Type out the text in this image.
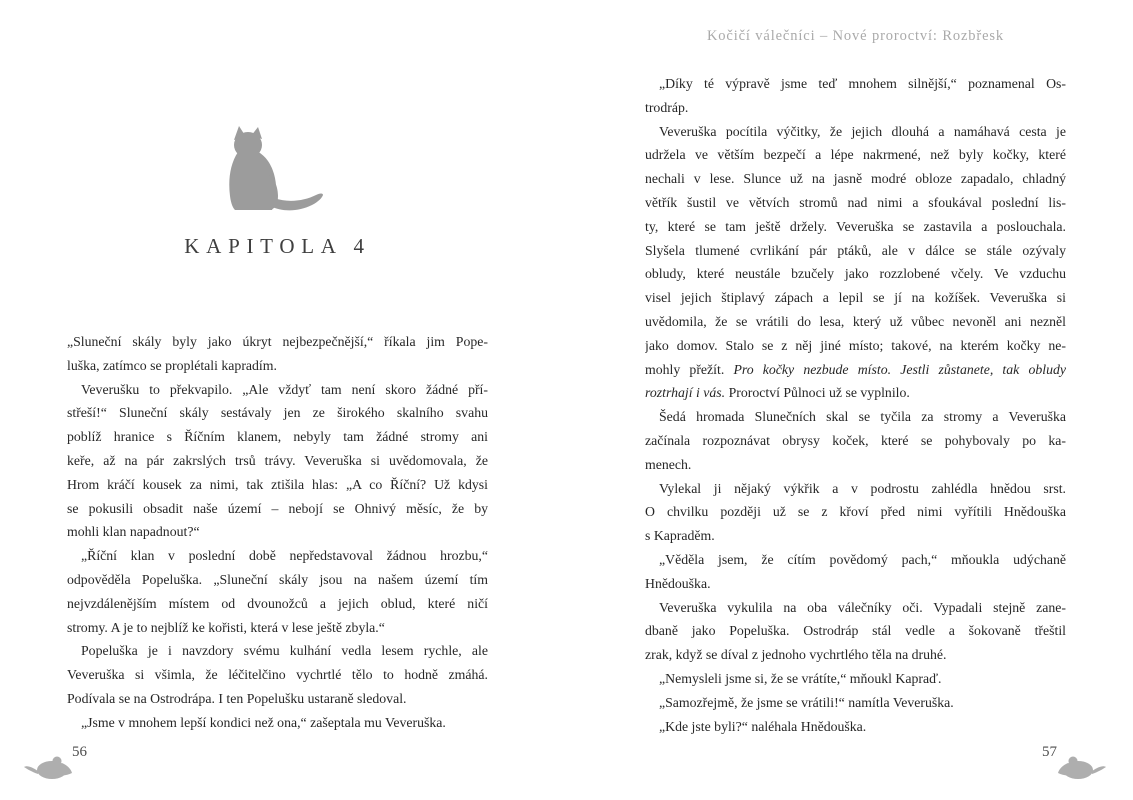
Kočičí válečníci – Nové proroctví: Rozbřesk
KAPITOLA 4
„Sluneční skály byly jako úkryt nejbezpečnější,“ říkala jim Pope-
luška, zatímco se proplétali kapradím.
Veverušku to překvapilo. „Ale vždyť tam není skoro žádné pří-
střeší!“ Sluneční skály sestávaly jen ze širokého skalního svahu
poblíž hranice s Říčním klanem, nebyly tam žádné stromy ani
keře, až na pár zakrslých trsů trávy. Veveruška si uvědomovala, že
Hrom kráčí kousek za nimi, tak ztišila hlas: „A co Říční? Už kdysi
se pokusili obsadit naše území – nebojí se Ohnivý měsíc, že by
mohli klan napadnout?“
„Říční klan v poslední době nepředstavoval žádnou hrozbu,“
odpověděla Popeluška. „Sluneční skály jsou na našem území tím
nejvzdálenějším místem od dvounožců a jejich oblud, které ničí
stromy. A je to nejblíž ke kořisti, která v lese ještě zbyla.“
Popeluška je i navzdory svému kulhání vedla lesem rychle, ale
Veveruška si všimla, že léčitelčino vychrtlé tělo to hodně zmáhá.
Podívala se na Ostrodrápa. I ten Popelušku ustaraně sledoval.
„Jsme v mnohem lepší kondici než ona,“ zašeptala mu Veveruška.
„Díky té výpravě jsme teď mnohem silnější,“ poznamenal Os-
trodráp.
Veveruška pocítila výčitky, že jejich dlouhá a namáhavá cesta je
udržela ve větším bezpečí a lépe nakrmené, než byly kočky, které
nechali v lese. Slunce už na jasně modré obloze zapadalo, chladný
větřík šustil ve větvích stromů nad nimi a sfoukával poslední lis-
ty, které se tam ještě držely. Veveruška se zastavila a poslouchala.
Slyšela tlumené cvrlikání pár ptáků, ale v dálce se stále ozývaly
obludy, které neustále bzučely jako rozzlobené včely. Ve vzduchu
visel jejich štiplavý zápach a lepil se jí na kožíšek. Veveruška si
uvědomila, že se vrátili do lesa, který už vůbec nevoněl ani nezněl
jako domov. Stalo se z něj jiné místo; takové, na kterém kočky ne-
mohly přežít. Pro kočky nezbude místo. Jestli zůstanete, tak obludy
roztrhají i vás. Proroctví Půlnoci už se vyplnilo.
Šedá hromada Slunečních skal se tyčila za stromy a Veveruška
začínala rozpoznávat obrysy koček, které se pohybovaly po ka-
menech.
Vylekal ji nějaký výkřik a v podrostu zahlédla hnědou srst.
O chvilku později už se z křoví před nimi vyřítili Hnědouška
s Kapraděm.
„Věděla jsem, že cítím povědomý pach,“ mňoukla udýchaně
Hnědouška.
Veveruška vykulila na oba válečníky oči. Vypadali stejně zane-
dbaně jako Popeluška. Ostrodráp stál vedle a šokovaně třeštil
zrak, když se díval z jednoho vychrtlého těla na druhé.
„Nemysleli jsme si, že se vrátíte,“ mňoukl Kapraď.
„Samozřejmě, že jsme se vrátili!“ namítla Veveruška.
„Kde jste byli?“ naléhala Hnědouška.
56	57
